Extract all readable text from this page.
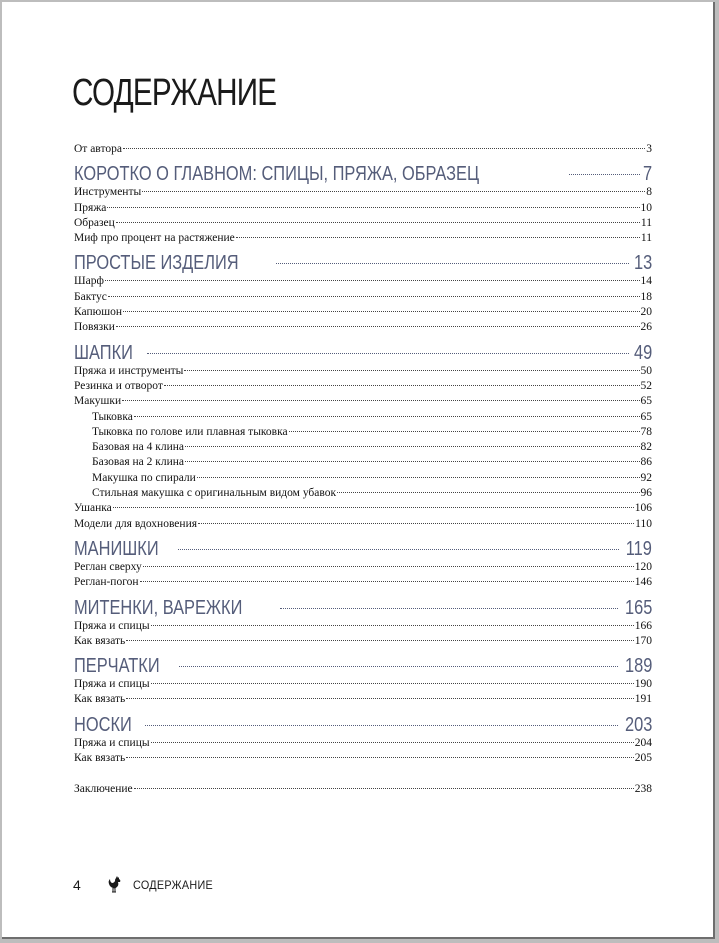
СОДЕРЖАНИЕ
От автора	3
КОРОТКО О ГЛАВНОМ: СПИЦЫ, ПРЯЖА, ОБРАЗЕЦ	7
Инструменты	8
Пряжа	10
Образец	11
Миф про процент на растяжение	11
ПРОСТЫЕ ИЗДЕЛИЯ	13
Шарф	14
Бактус	18
Капюшон	20
Повязки	26
ШАПКИ	49
Пряжа и инструменты	50
Резинка и отворот	52
Макушки	65
Тыковка	65
Тыковка по голове или плавная тыковка	78
Базовая на 4 клина	82
Базовая на 2 клина	86
Макушка по спирали	92
Стильная макушка с оригинальным видом убавок	96
Ушанка	106
Модели для вдохновения	110
МАНИШКИ	119
Реглан сверху	120
Реглан-погон	146
МИТЕНКИ, ВАРЕЖКИ	165
Пряжа и спицы	166
Как вязать	170
ПЕРЧАТКИ	189
Пряжа и спицы	190
Как вязать	191
НОСКИ	203
Пряжа и спицы	204
Как вязать	205
Заключение	238
4	СОДЕРЖАНИЕ
